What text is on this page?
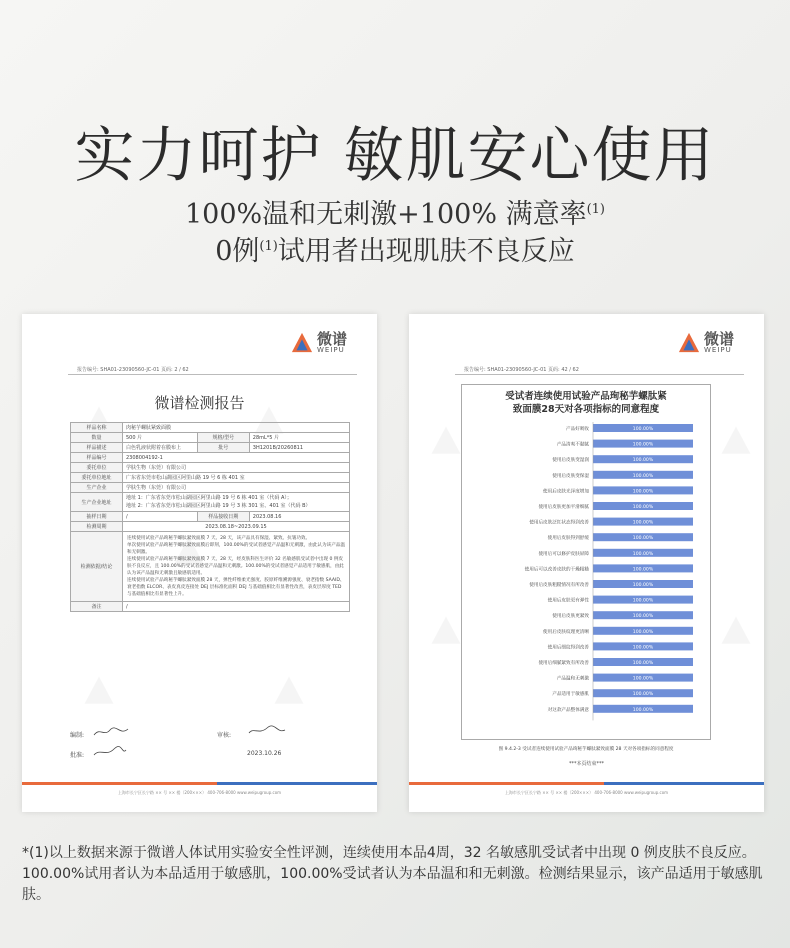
实力呵护 敏肌安心使用
100%温和无刺激+100% 满意率$^{(1)}$
0例$^{(1)}$试用者出现肌肤不良反应
微谱
WEIPU
报告编号: SHA01-23090560-JC-01 页码: 2 / 62
微谱检测报告
样品名称	肉秘芋螺肽紧致面膜		
数量	500 片	规格/型号	28mL*5 片
样品描述	白色乳液状附着在膜布上	批号	3H1201B/20260811
样品编号	2308004192-1		
委托单位	学肤生物（东莞）有限公司		
委托单位地址	广东省东莞市松山湖园区阿里山路 19 号 6 栋 401 室		
生产企业	学肤生物（东莞）有限公司		
生产企业地址	地址 1：广东省东莞市松山湖园区阿里山路 19 号 6 栋 401 室（代码 A）；
地址 2：广东省东莞市松山湖园区阿里山路 19 号 3 栋 301 室、401 室（代码 B）		

抽样日期	/	样品接收日期	2023.08.16
检测周期	2023.08.18~2023.09.15		
检测依据/结论	连续使用试验产品珣秘芋螺肽紧致面膜 7 天、28 天，该产品具有保湿、紧致、抗皱功效。
单次使用试验产品珣秘芋螺肽紧致面膜后即刻，100.00%的受试者感觉产品温和无刺激，由此认为该产品温和无刺激。
连续使用试验产品珣秘芋螺肽紧致面膜 7 天、28 天，经皮肤科医生评价 32 名敏感肌受试者中出现 0 例皮肤不良反应，且 100.00%的受试者感觉产品温和无刺激。100.00%的受试者感觉产品适用于敏感肌，由此认为该产品温和无刺激且敏感肌适用。
连续使用试验产品珣秘芋螺肽紧致面膜 28 天，弹性纤维柔光强度、胶原纤维溯源强度、衰老指数 SAAID、衰老指数 ELCOR、表皮真皮连接处 DEJ 层标准化面积 DEJ 与基础值相比有显著性改善，表皮层厚度 TED 与基础值相比有显著性上升。		

备注	/		
编制:	审核:
批准:	2023.10.26
上海市长宁区长宁路 ×× 号 ×× 楼（200×××） 400-706-8000 www.weipugroup.com
微谱
WEIPU
报告编号: SHA01-23090560-JC-01 页码: 42 / 62
受试者连续使用试验产品珣秘芋螺肽紧
致面膜28天对各项指标的同意程度
产品好吸收	100.00%
产品清爽不黏腻	100.00%
使用后皮肤变湿润	100.00%
使用后皮肤变保湿	100.00%
使用后皮肤光泽度增加	100.00%
使用后皮肤更加平滑细腻	100.00%
使用后皮肤泛红状态得到改善	100.00%
使用后皮肤得到舒缓	100.00%
使用后可以修护皮肤屏障	100.00%
使用后可以改善皮肤的干燥粗糙	100.00%
使用后皮肤粗糙情况有所改善	100.00%
使用后皮肤更有弹性	100.00%
使用后皮肤更紧致	100.00%
使用后皮肤纹理更清晰	100.00%
使用后细纹得到改善	100.00%
使用后细腻紧致有所改善	100.00%
产品温和无刺激	100.00%
产品适用于敏感肌	100.00%
对这款产品整体满意	100.00%
图 9.4.2-3 受试者连续使用试验产品珣秘芋螺肽紧致面膜 28 天对各项指标的同意程度
***本页结束***
上海市长宁区长宁路 ×× 号 ×× 楼（200×××） 400-706-8000 www.weipugroup.com
*(1)以上数据来源于微谱人体试用实验安全性评测，连续使用本品4周，32 名敏感肌受试者中出现 0 例皮肤不良反应。
100.00%试用者认为本品适用于敏感肌，100.00%受试者认为本品温和和无刺激。检测结果显示，该产品适用于敏感肌肤。
